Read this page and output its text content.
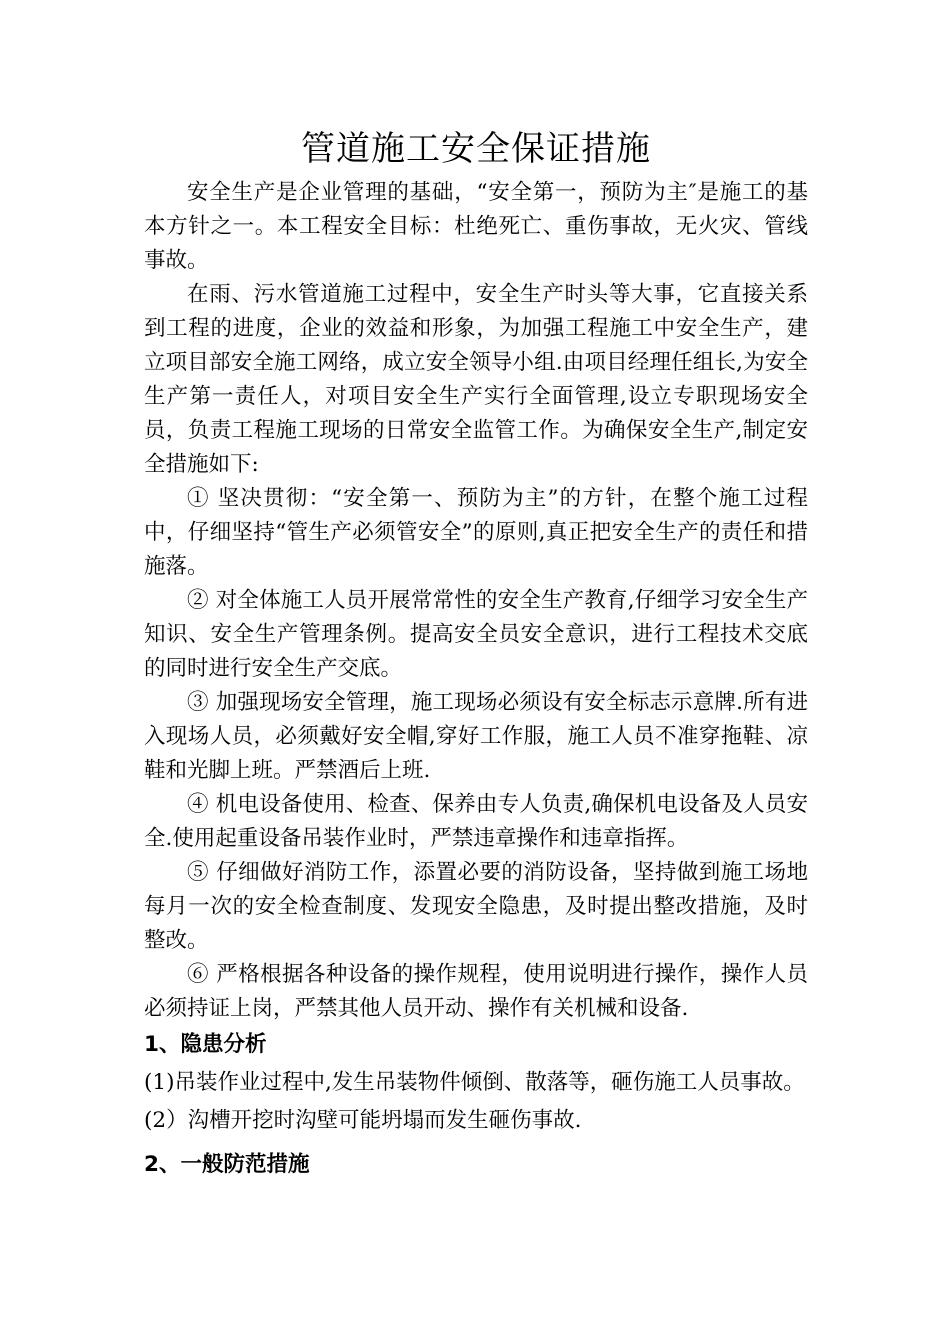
管道施工安全保证措施

安全生产是企业管理的基础，“安全第一，预防为主″是施工的基本方针之一。本工程安全目标：杜绝死亡、重伤事故，无火灾、管线事故。

在雨、污水管道施工过程中，安全生产时头等大事，它直接关系到工程的进度，企业的效益和形象，为加强工程施工中安全生产，建立项目部安全施工网络，成立安全领导小组.由项目经理任组长,为安全生产第一责任人，对项目安全生产实行全面管理,设立专职现场安全员，负责工程施工现场的日常安全监管工作。为确保安全生产,制定安全措施如下:

① 坚决贯彻：“安全第一、预防为主”的方针，在整个施工过程中，仔细坚持“管生产必须管安全”的原则,真正把安全生产的责任和措施落。

② 对全体施工人员开展常常性的安全生产教育,仔细学习安全生产知识、安全生产管理条例。提高安全员安全意识，进行工程技术交底的同时进行安全生产交底。

③ 加强现场安全管理，施工现场必须设有安全标志示意牌.所有进入现场人员，必须戴好安全帽,穿好工作服，施工人员不准穿拖鞋、凉鞋和光脚上班。严禁酒后上班.

④ 机电设备使用、检查、保养由专人负责,确保机电设备及人员安全.使用起重设备吊装作业时，严禁违章操作和违章指挥。

⑤ 仔细做好消防工作，添置必要的消防设备，坚持做到施工场地每月一次的安全检查制度、发现安全隐患，及时提出整改措施，及时整改。

⑥ 严格根据各种设备的操作规程，使用说明进行操作，操作人员必须持证上岗，严禁其他人员开动、操作有关机械和设备.

1、隐患分析

(1)吊装作业过程中,发生吊装物件倾倒、散落等，砸伤施工人员事故。

(2）沟槽开挖时沟壁可能坍塌而发生砸伤事故.

2、一般防范措施
